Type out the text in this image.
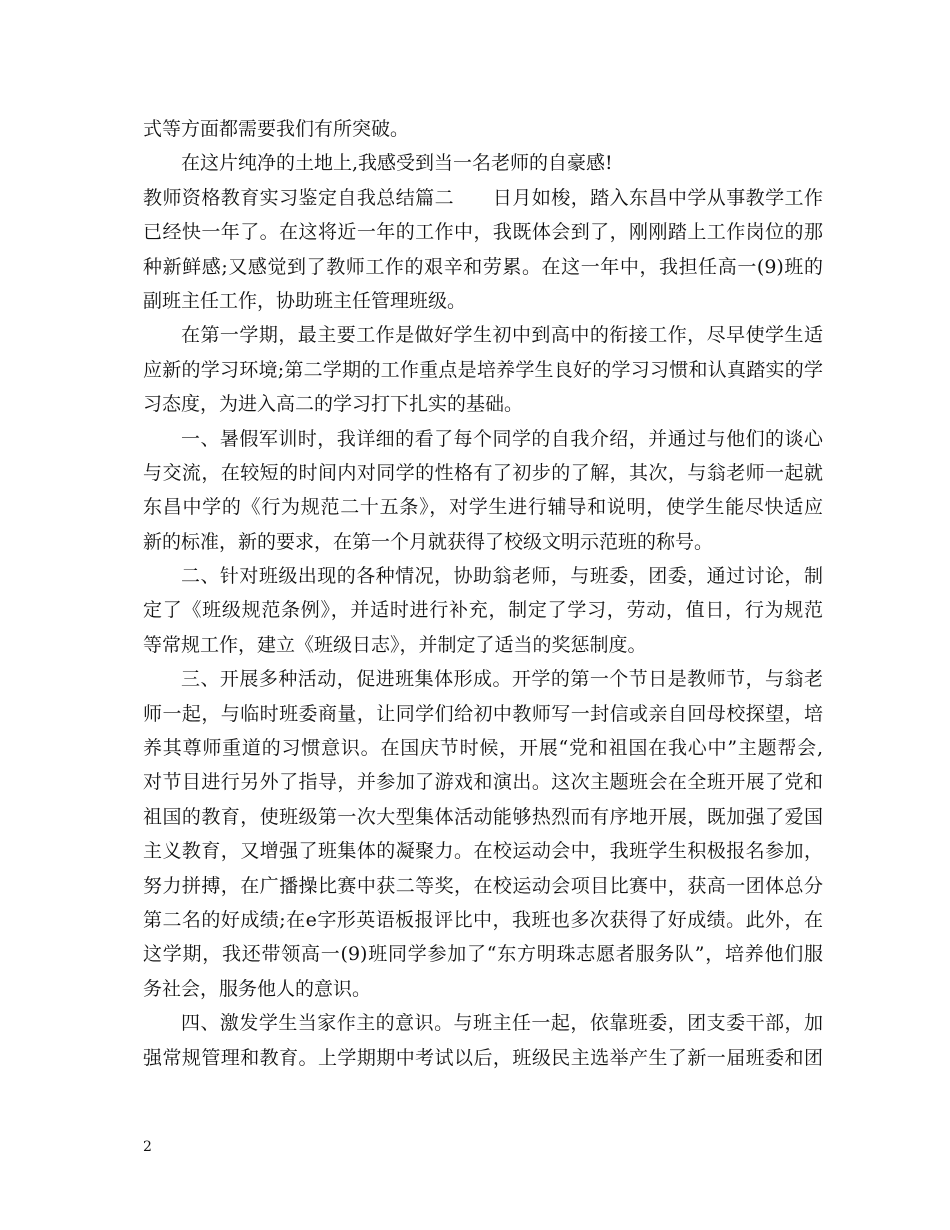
式等方面都需要我们有所突破。
在这片纯净的土地上,我感受到当一名老师的自豪感!
教师资格教育实习鉴定自我总结篇二　　日月如梭，踏入东昌中学从事教学工作
已经快一年了。在这将近一年的工作中，我既体会到了，刚刚踏上工作岗位的那
种新鲜感;又感觉到了教师工作的艰辛和劳累。在这一年中，我担任高一(9)班的
副班主任工作，协助班主任管理班级。
在第一学期，最主要工作是做好学生初中到高中的衔接工作，尽早使学生适
应新的学习环境;第二学期的工作重点是培养学生良好的学习习惯和认真踏实的学
习态度，为进入高二的学习打下扎实的基础。
一、暑假军训时，我详细的看了每个同学的自我介绍，并通过与他们的谈心
与交流，在较短的时间内对同学的性格有了初步的了解，其次，与翁老师一起就
东昌中学的《行为规范二十五条》，对学生进行辅导和说明，使学生能尽快适应
新的标准，新的要求，在第一个月就获得了校级文明示范班的称号。
二、针对班级出现的各种情况，协助翁老师，与班委，团委，通过讨论，制
定了《班级规范条例》，并适时进行补充，制定了学习，劳动，值日，行为规范
等常规工作，建立《班级日志》，并制定了适当的奖惩制度。
三、开展多种活动，促进班集体形成。开学的第一个节日是教师节，与翁老
师一起，与临时班委商量，让同学们给初中教师写一封信或亲自回母校探望，培
养其尊师重道的习惯意识。在国庆节时候，开展“党和祖国在我心中”主题帮会,
对节目进行另外了指导，并参加了游戏和演出。这次主题班会在全班开展了党和
祖国的教育，使班级第一次大型集体活动能够热烈而有序地开展，既加强了爱国
主义教育，又增强了班集体的凝聚力。在校运动会中，我班学生积极报名参加，
努力拼搏，在广播操比赛中获二等奖，在校运动会项目比赛中，获高一团体总分
第二名的好成绩;在e字形英语板报评比中，我班也多次获得了好成绩。此外，在
这学期，我还带领高一(9)班同学参加了“东方明珠志愿者服务队”，培养他们服
务社会，服务他人的意识。
四、激发学生当家作主的意识。与班主任一起，依靠班委，团支委干部，加
强常规管理和教育。上学期期中考试以后，班级民主选举产生了新一届班委和团
2
